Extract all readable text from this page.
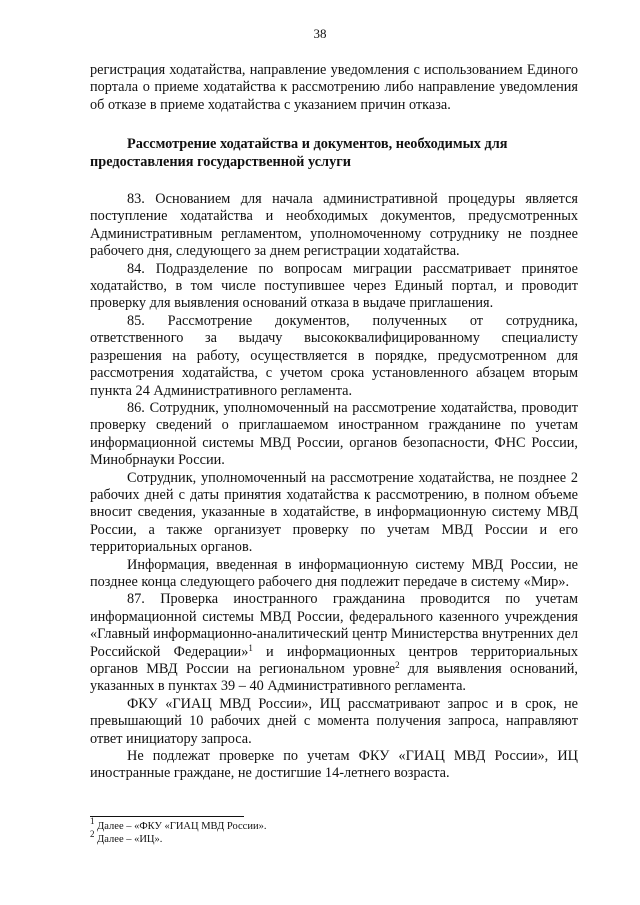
38

регистрация ходатайства, направление уведомления с использованием Единого портала о приеме ходатайства к рассмотрению либо направление уведомления об отказе в приеме ходатайства с указанием причин отказа.

Рассмотрение ходатайства и документов, необходимых для предоставления государственной услуги

83. Основанием для начала административной процедуры является поступление ходатайства и необходимых документов, предусмотренных Административным регламентом, уполномоченному сотруднику не позднее рабочего дня, следующего за днем регистрации ходатайства.

84. Подразделение по вопросам миграции рассматривает принятое ходатайство, в том числе поступившее через Единый портал, и проводит проверку для выявления оснований отказа в выдаче приглашения.

85. Рассмотрение документов, полученных от сотрудника, ответственного за выдачу высококвалифицированному специалисту разрешения на работу, осуществляется в порядке, предусмотренном для рассмотрения ходатайства, с учетом срока установленного абзацем вторым пункта 24 Административного регламента.

86. Сотрудник, уполномоченный на рассмотрение ходатайства, проводит проверку сведений о приглашаемом иностранном гражданине по учетам информационной системы МВД России, органов безопасности, ФНС России, Минобрнауки России.

Сотрудник, уполномоченный на рассмотрение ходатайства, не позднее 2 рабочих дней с даты принятия ходатайства к рассмотрению, в полном объеме вносит сведения, указанные в ходатайстве, в информационную систему МВД России, а также организует проверку по учетам МВД России и его территориальных органов.

Информация, введенная в информационную систему МВД России, не позднее конца следующего рабочего дня подлежит передаче в систему «Мир».

87. Проверка иностранного гражданина проводится по учетам информационной системы МВД России, федерального казенного учреждения «Главный информационно-аналитический центр Министерства внутренних дел Российской Федерации»$^1$ и информационных центров территориальных органов МВД России на региональном уровне$^2$ для выявления оснований, указанных в пунктах 39 – 40 Административного регламента.

ФКУ «ГИАЦ МВД России», ИЦ рассматривают запрос и в срок, не превышающий 10 рабочих дней с момента получения запроса, направляют ответ инициатору запроса.

Не подлежат проверке по учетам ФКУ «ГИАЦ МВД России», ИЦ иностранные граждане, не достигшие 14-летнего возраста.

$^1$ Далее – «ФКУ «ГИАЦ МВД России».

$^2$ Далее – «ИЦ».
